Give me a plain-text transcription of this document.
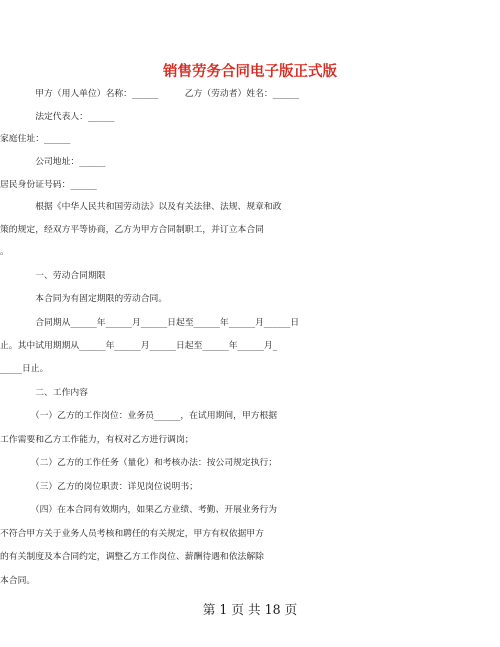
销售劳务合同电子版正式版
　　　　甲方（用人单位）名称：______　　　乙方（劳动者）姓名：______
　　　　法定代表人：______
家庭住址：______
　　　　公司地址：______
居民身份证号码：______
　　　　根据《中华人民共和国劳动法》以及有关法律、法规、规章和政
策的规定，经双方平等协商，乙方为甲方合同制职工，并订立本合同
。
　　　　一、劳动合同期限
　　　　本合同为有固定期限的劳动合同。
　　　　合同期从______年______月______日起至______年______月______日
止。其中试用期期从______年______月______日起至______年______月_
_____日止。
　　　　二、工作内容
　　　　（一）乙方的工作岗位：业务员______，在试用期间，甲方根据
工作需要和乙方工作能力，有权对乙方进行调岗；
　　　　（二）乙方的工作任务（量化）和考核办法：按公司规定执行；
　　　　（三）乙方的岗位职责：详见岗位说明书；
　　　　（四）在本合同有效期内，如果乙方业绩、考勤、开展业务行为
不符合甲方关于业务人员考核和聘任的有关规定，甲方有权依据甲方
的有关制度及本合同约定，调整乙方工作岗位、薪酬待遇和依法解除
本合同。
第 1 页 共 18 页
